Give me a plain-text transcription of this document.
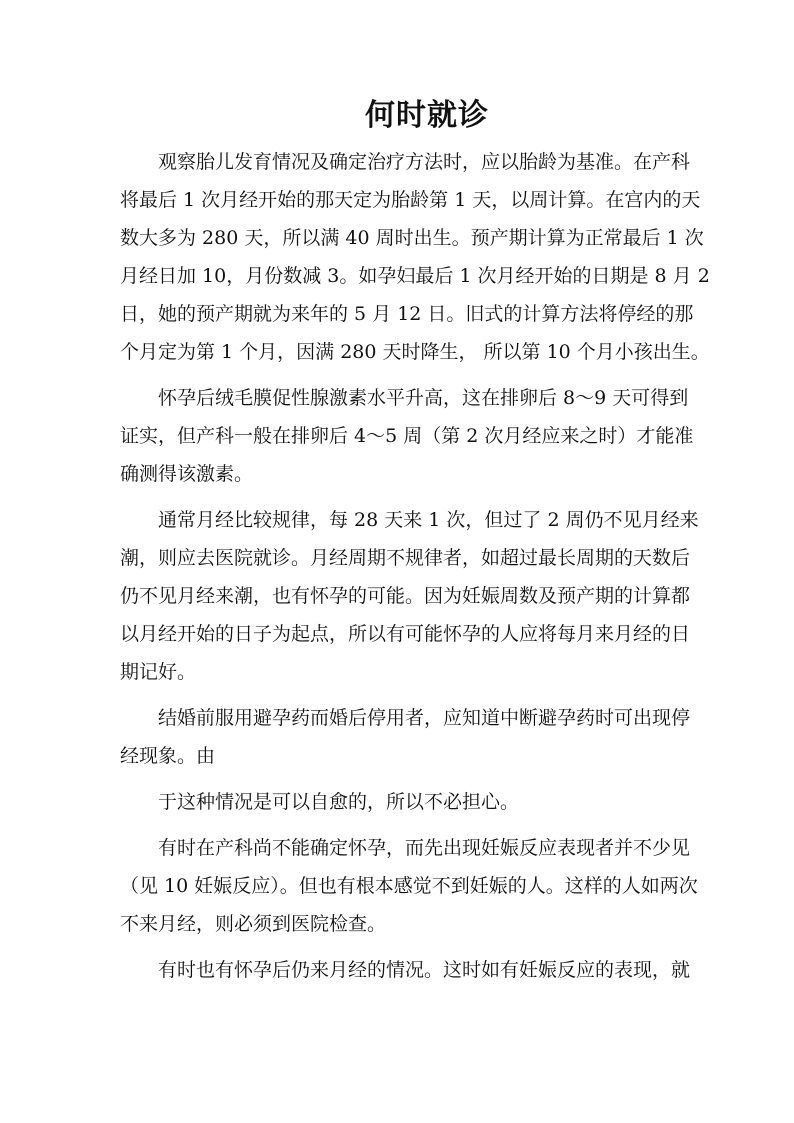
何时就诊
观察胎儿发育情况及确定治疗方法时，应以胎龄为基准。在产科
将最后 1 次月经开始的那天定为胎龄第 1 天，以周计算。在宫内的天
数大多为 280 天，所以满 40 周时出生。预产期计算为正常最后 1 次
月经日加 10，月份数减 3。如孕妇最后 1 次月经开始的日期是 8 月 2
日，她的预产期就为来年的 5 月 12 日。旧式的计算方法将停经的那
个月定为第 1 个月，因满 280 天时降生， 所以第 10 个月小孩出生。
怀孕后绒毛膜促性腺激素水平升高，这在排卵后 8～9 天可得到
证实，但产科一般在排卵后 4～5 周（第 2 次月经应来之时）才能准
确测得该激素。
通常月经比较规律，每 28 天来 1 次，但过了 2 周仍不见月经来
潮，则应去医院就诊。月经周期不规律者，如超过最长周期的天数后
仍不见月经来潮，也有怀孕的可能。因为妊娠周数及预产期的计算都
以月经开始的日子为起点，所以有可能怀孕的人应将每月来月经的日
期记好。
结婚前服用避孕药而婚后停用者，应知道中断避孕药时可出现停
经现象。由
于这种情况是可以自愈的，所以不必担心。
有时在产科尚不能确定怀孕，而先出现妊娠反应表现者并不少见
（见 10 妊娠反应）。但也有根本感觉不到妊娠的人。这样的人如两次
不来月经，则必须到医院检查。
有时也有怀孕后仍来月经的情况。这时如有妊娠反应的表现，就
